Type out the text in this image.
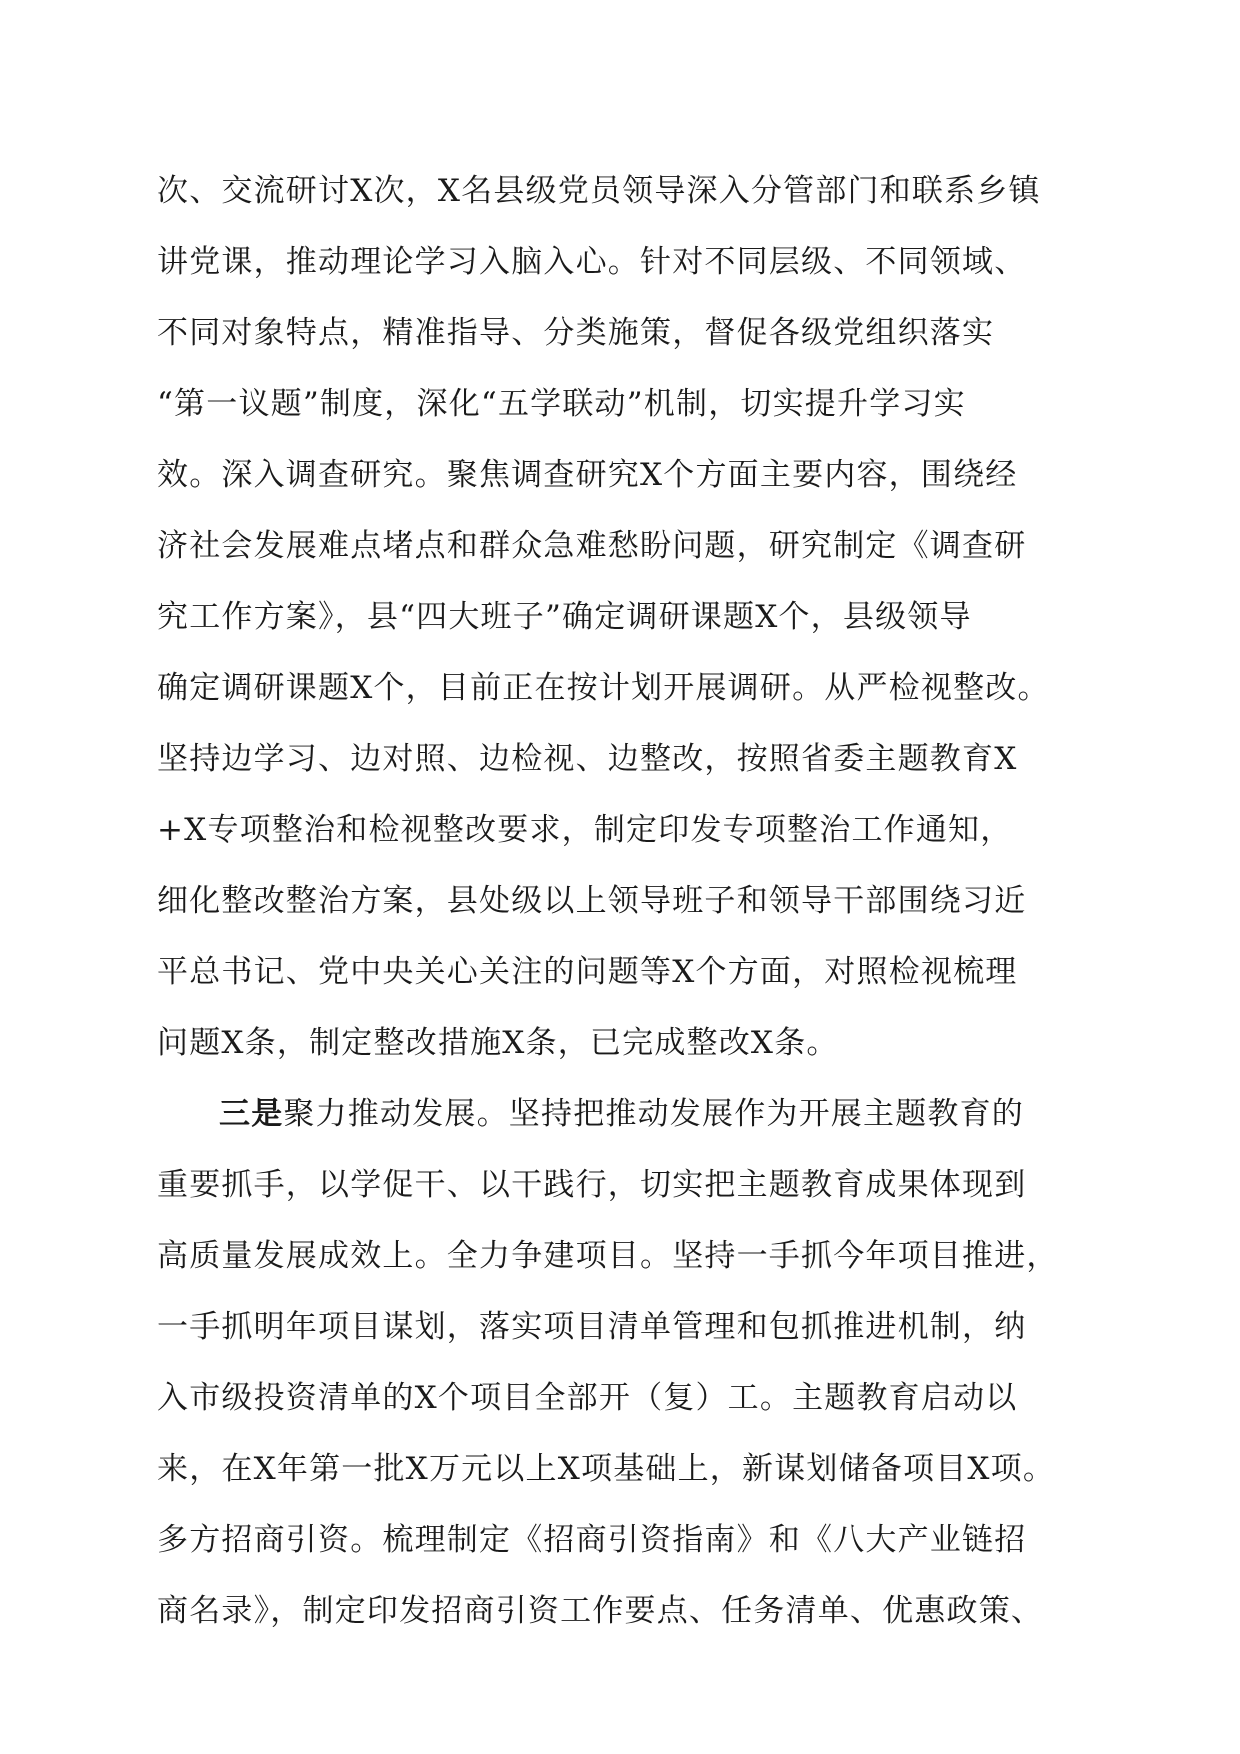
次、交流研讨X次，X名县级党员领导深入分管部门和联系乡镇
讲党课，推动理论学习入脑入心。针对不同层级、不同领域、
不同对象特点，精准指导、分类施策，督促各级党组织落实
“第一议题”制度，深化“五学联动”机制，切实提升学习实
效。深入调查研究。聚焦调查研究X个方面主要内容，围绕经
济社会发展难点堵点和群众急难愁盼问题，研究制定《调查研
究工作方案》，县“四大班子”确定调研课题X个，县级领导
确定调研课题X个，目前正在按计划开展调研。从严检视整改。
坚持边学习、边对照、边检视、边整改，按照省委主题教育X
+X专项整治和检视整改要求，制定印发专项整治工作通知，
细化整改整治方案，县处级以上领导班子和领导干部围绕习近
平总书记、党中央关心关注的问题等X个方面，对照检视梳理
问题X条，制定整改措施X条，已完成整改X条。
三是聚力推动发展。坚持把推动发展作为开展主题教育的
重要抓手，以学促干、以干践行，切实把主题教育成果体现到
高质量发展成效上。全力争建项目。坚持一手抓今年项目推进，
一手抓明年项目谋划，落实项目清单管理和包抓推进机制，纳
入市级投资清单的X个项目全部开（复）工。主题教育启动以
来，在X年第一批X万元以上X项基础上，新谋划储备项目X项。
多方招商引资。梳理制定《招商引资指南》和《八大产业链招
商名录》，制定印发招商引资工作要点、任务清单、优惠政策、
